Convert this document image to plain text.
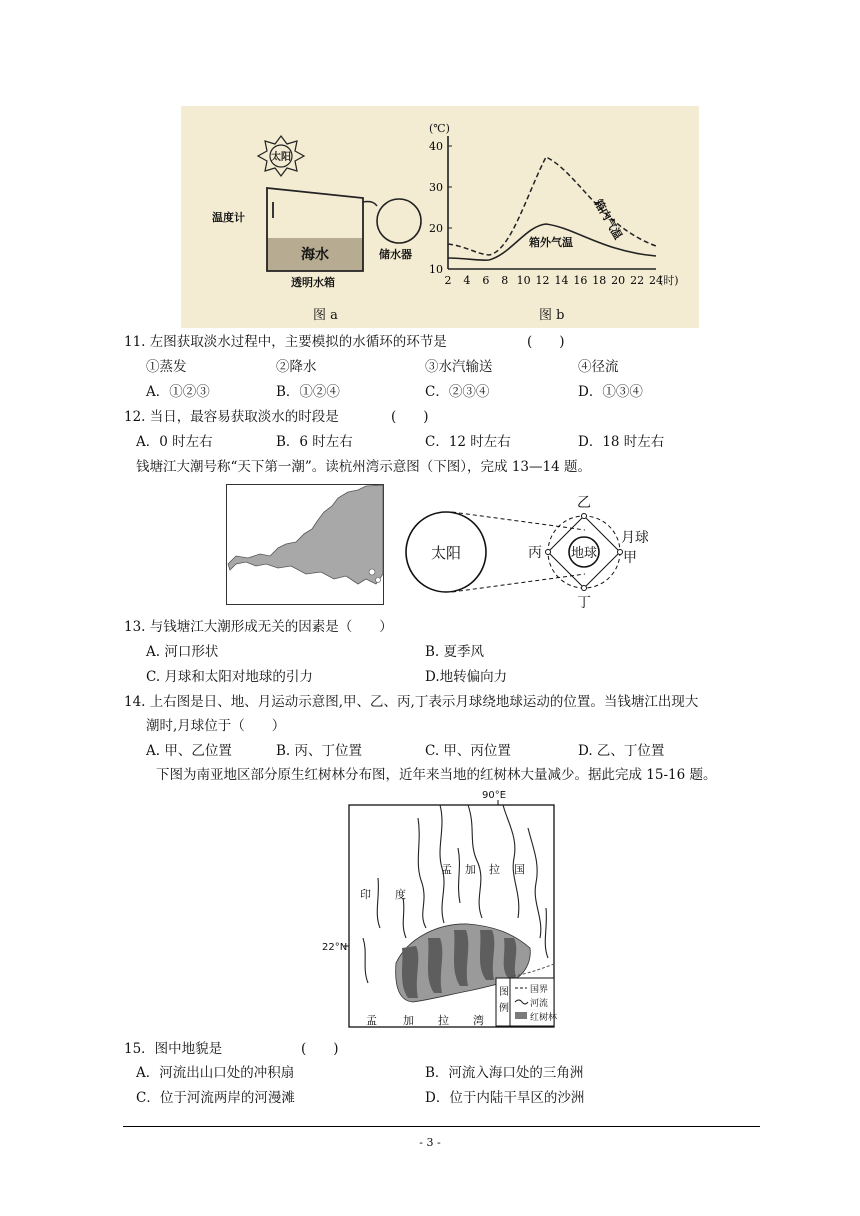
太阳
海水
温度计
透明水箱
储水器
图 a
(℃)
40
30
20
10
2 4 6 8 10 12 14 16 18 20 22 24
(时)
箱内气温
箱外气温
图 b
11. 左图获取淡水过程中，主要模拟的水循环的环节是	(　　)
①蒸发	②降水	③水汽输送	④径流
A．①②③	B．①②④	C．②③④	D．①③④
12. 当日，最容易获取淡水的时段是	(　　)
A．0 时左右	B．6 时左右	C．12 时左右	D．18 时左右
钱塘江大潮号称“天下第一潮”。读杭州湾示意图（下图），完成 13—14 题。
太阳	地球
乙
丁
丙
月球
甲
13. 与钱塘江大潮形成无关的因素是（　　）
A. 河口形状	B. 夏季风
C. 月球和太阳对地球的引力	D.地转偏向力
14. 上右图是日、地、月运动示意图,甲、乙、丙,丁表示月球绕地球运动的位置。当钱塘江出现大
潮时,月球位于（　　）
A. 甲、乙位置	B. 丙、丁位置	C. 甲、丙位置	D. 乙、丁位置
下图为南亚地区部分原生红树林分布图，近年来当地的红树林大量减少。据此完成 15-16 题。
90°E
22°N
孟 加 拉 国
印 度
孟 加 拉 湾
图
例
国界
河流
红树林
15．图中地貌是	(　　)
A．河流出山口处的冲积扇	B．河流入海口处的三角洲
C．位于河流两岸的河漫滩	D．位于内陆干旱区的沙洲
- 3 -
